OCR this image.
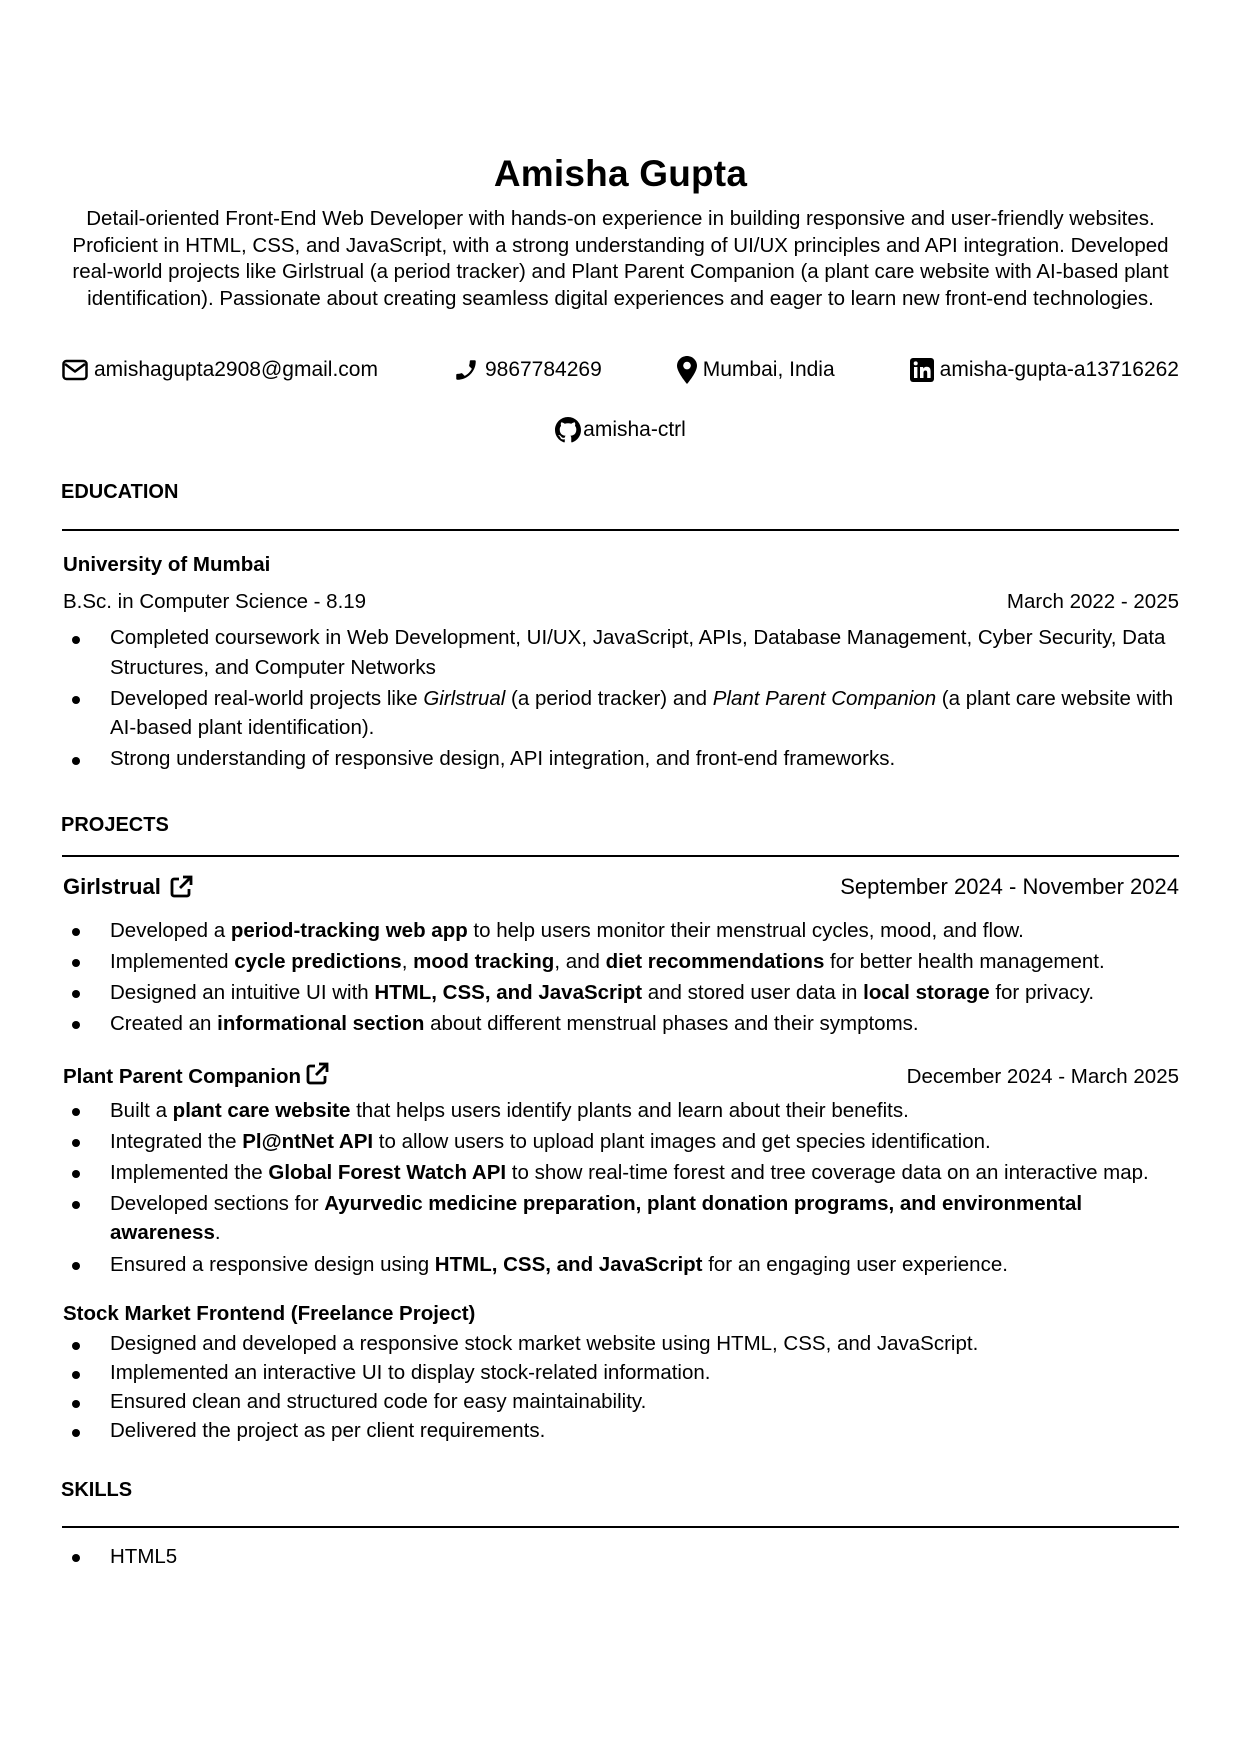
Amisha Gupta
Detail-oriented Front-End Web Developer with hands-on experience in building responsive and user-friendly websites. Proficient in HTML, CSS, and JavaScript, with a strong understanding of UI/UX principles and API integration. Developed real-world projects like Girlstrual (a period tracker) and Plant Parent Companion (a plant care website with AI-based plant identification). Passionate about creating seamless digital experiences and eager to learn new front-end technologies.
amishagupta2908@gmail.com	9867784269	Mumbai, India	amisha-gupta-a13716262
amisha-ctrl
EDUCATION
University of Mumbai
B.Sc. in Computer Science - 8.19	March 2022 - 2025
Completed coursework in Web Development, UI/UX, JavaScript, APIs, Database Management, Cyber Security, Data Structures, and Computer Networks
Developed real-world projects like Girlstrual (a period tracker) and Plant Parent Companion (a plant care website with AI-based plant identification).
Strong understanding of responsive design, API integration, and front-end frameworks.
PROJECTS
Girlstrual	September 2024 - November 2024
Developed a period-tracking web app to help users monitor their menstrual cycles, mood, and flow.
Implemented cycle predictions, mood tracking, and diet recommendations for better health management.
Designed an intuitive UI with HTML, CSS, and JavaScript and stored user data in local storage for privacy.
Created an informational section about different menstrual phases and their symptoms.
Plant Parent Companion	December 2024 - March 2025
Built a plant care website that helps users identify plants and learn about their benefits.
Integrated the Pl@ntNet API to allow users to upload plant images and get species identification.
Implemented the Global Forest Watch API to show real-time forest and tree coverage data on an interactive map.
Developed sections for Ayurvedic medicine preparation, plant donation programs, and environmental awareness.
Ensured a responsive design using HTML, CSS, and JavaScript for an engaging user experience.
Stock Market Frontend (Freelance Project)
Designed and developed a responsive stock market website using HTML, CSS, and JavaScript.
Implemented an interactive UI to display stock-related information.
Ensured clean and structured code for easy maintainability.
Delivered the project as per client requirements.
SKILLS
HTML5
